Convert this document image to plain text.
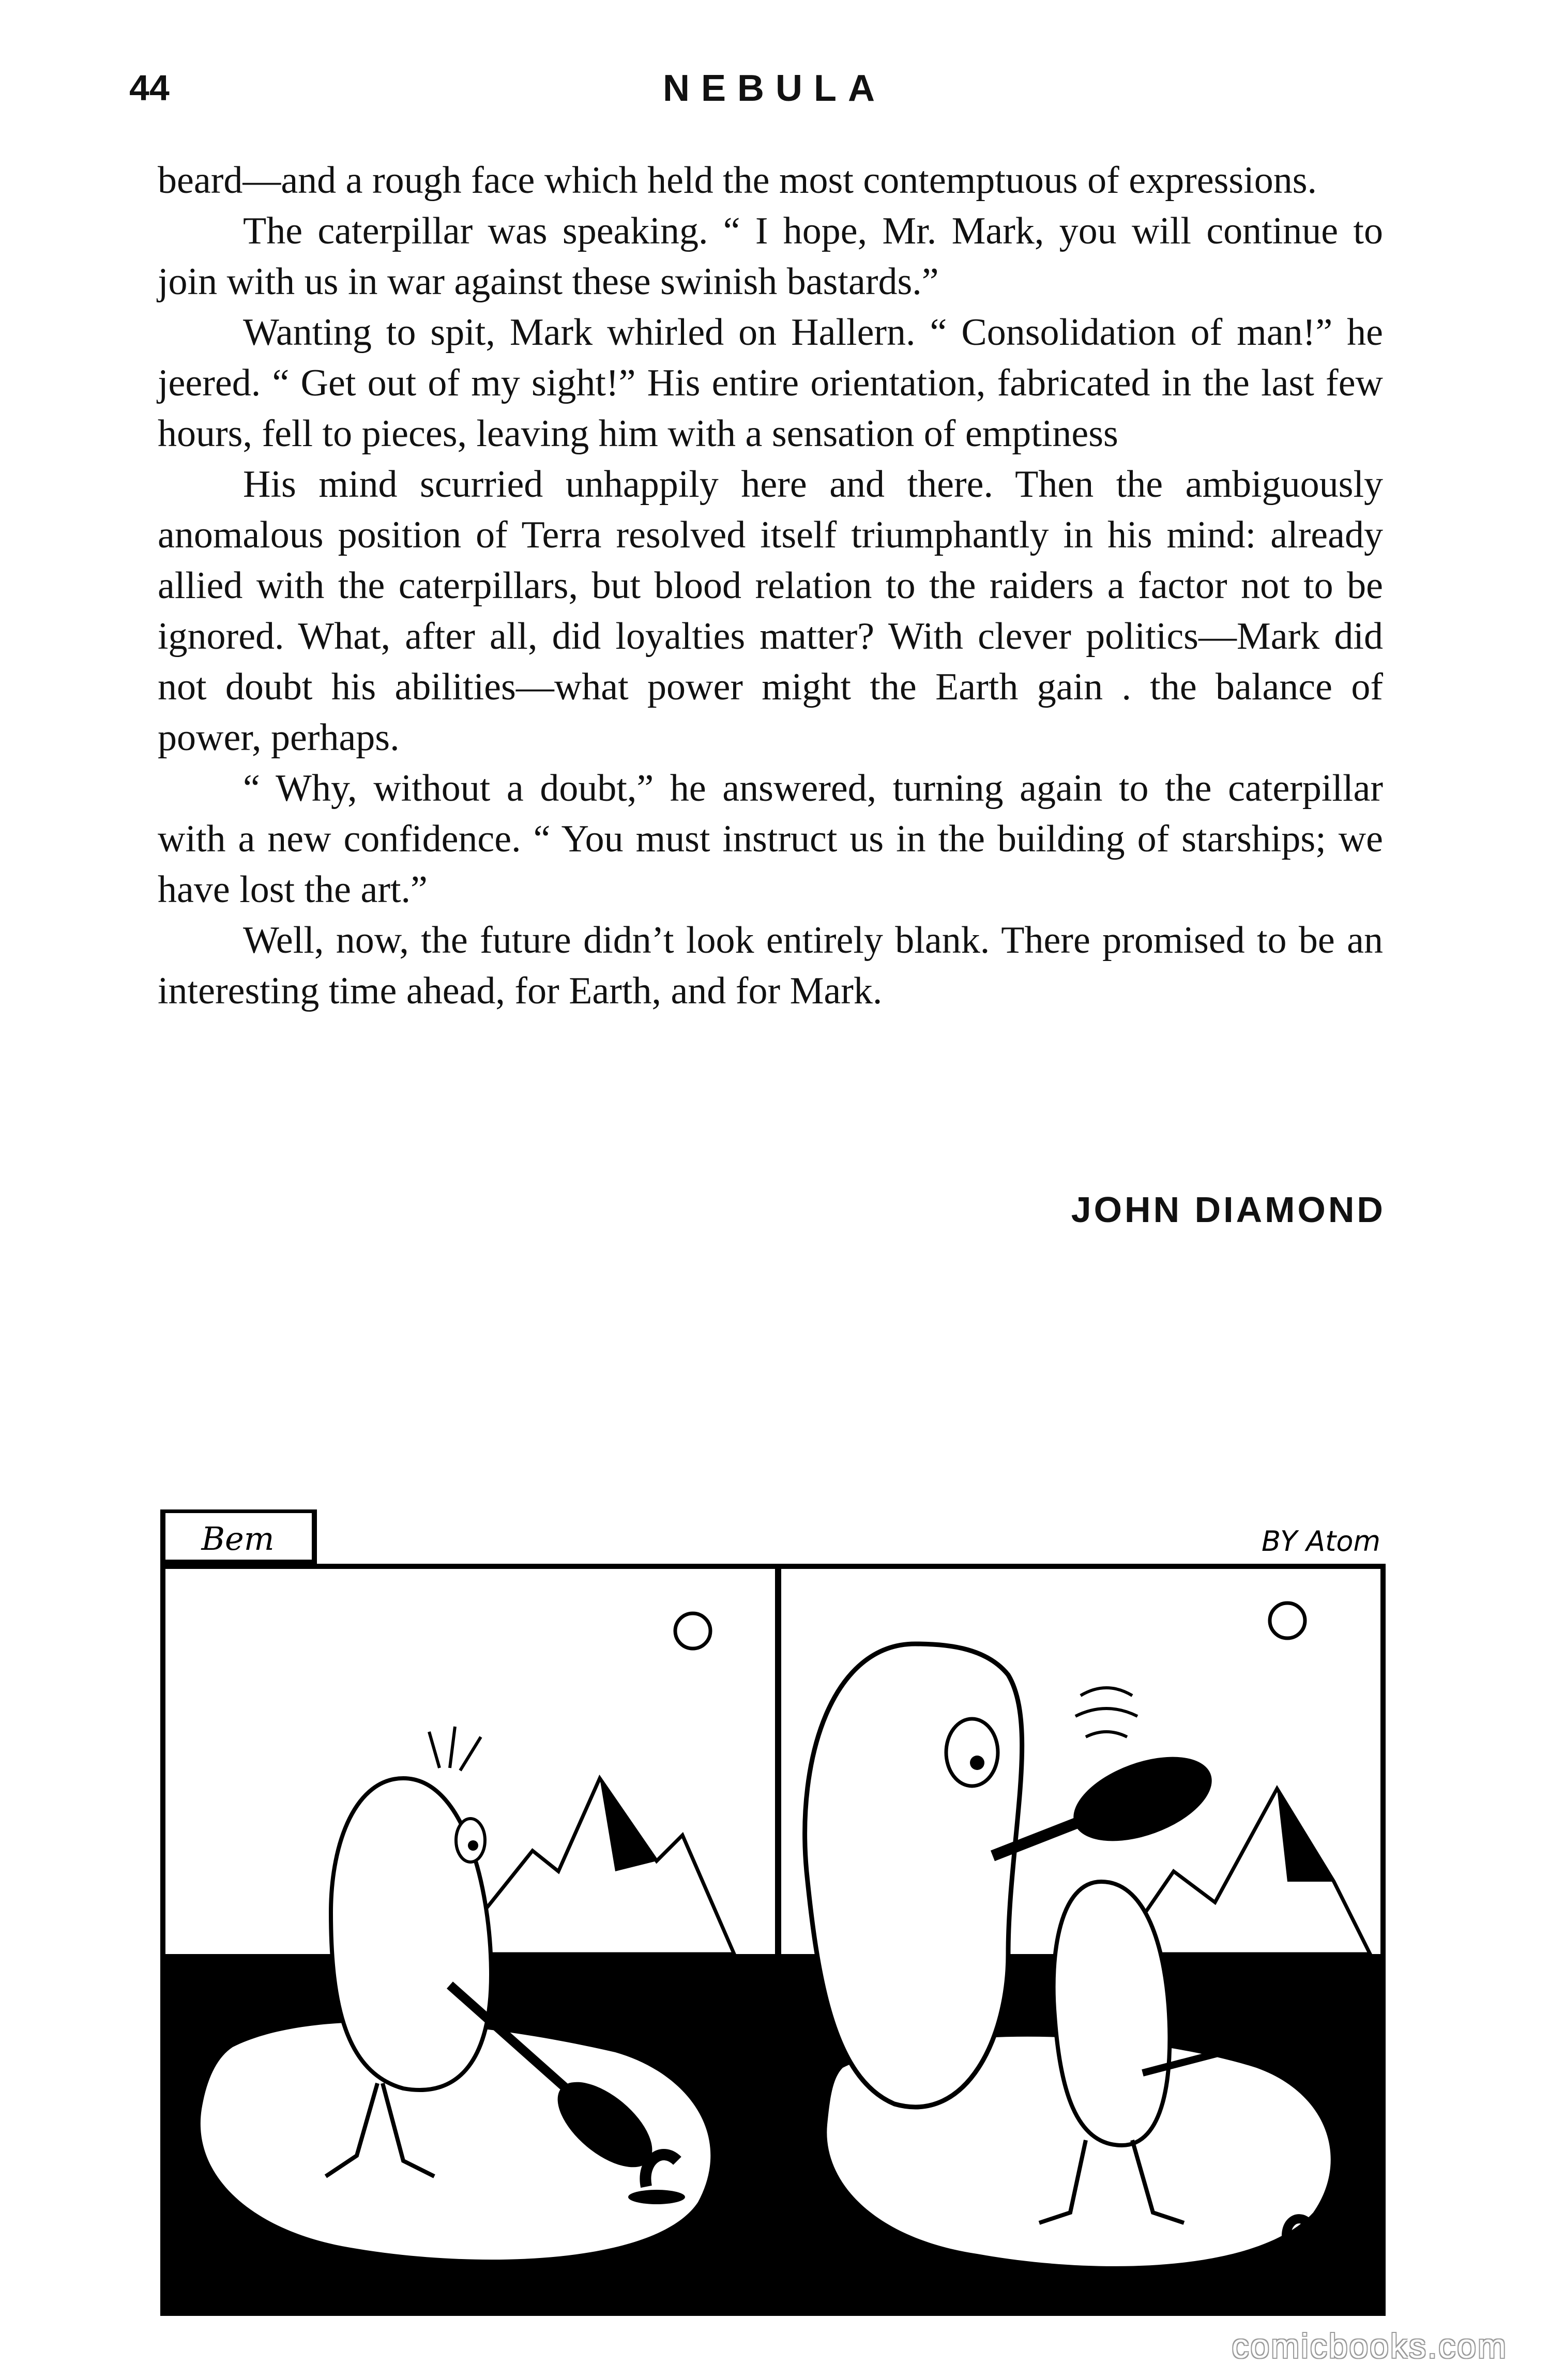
44	NEBULA

beard—and a rough face which held the most contemptuous of expressions.

The caterpillar was speaking. “ I hope, Mr. Mark, you will continue to join with us in war against these swinish bastards.”

Wanting to spit, Mark whirled on Hallern. “ Consolidation of man!” he jeered. “ Get out of my sight!” His entire orientation, fabricated in the last few hours, fell to pieces, leaving him with a sensation of emptiness

His mind scurried unhappily here and there. Then the ambiguously anomalous position of Terra resolved itself triumphantly in his mind: already allied with the caterpillars, but blood relation to the raiders a factor not to be ignored. What, after all, did loyalties matter? With clever politics—Mark did not doubt his abilities—what power might the Earth gain . the balance of power, perhaps.

“ Why, without a doubt,” he answered, turning again to the caterpillar with a new confidence. “ You must instruct us in the building of starships; we have lost the art.”

Well, now, the future didn’t look entirely blank. There promised to be an interesting time ahead, for Earth, and for Mark.

JOHN DIAMOND
Bem	BY Atom
comicbooks.com
